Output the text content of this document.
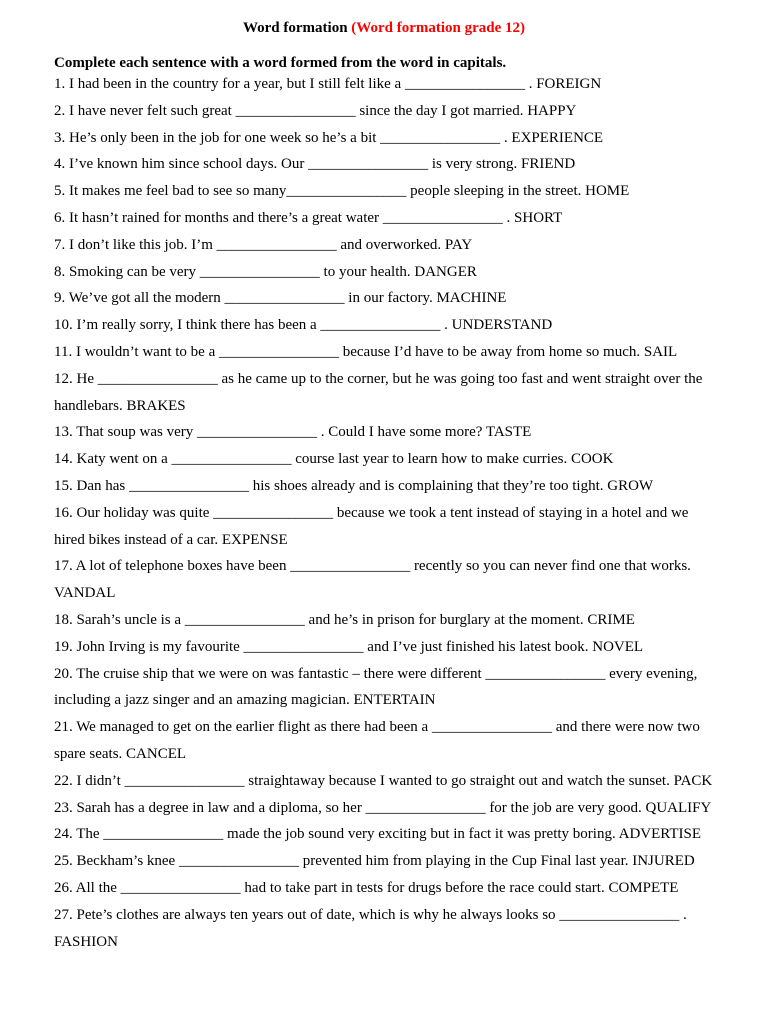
Word formation (Word formation grade 12)
Complete each sentence with a word formed from the word in capitals.

1. I had been in the country for a year, but I still felt like a ________________ . FOREIGN

2. I have never felt such great ________________ since the day I got married. HAPPY

3. He’s only been in the job for one week so he’s a bit ________________ . EXPERIENCE

4. I’ve known him since school days. Our ________________ is very strong. FRIEND

5. It makes me feel bad to see so many________________ people sleeping in the street. HOME

6. It hasn’t rained for months and there’s a great water ________________ . SHORT

7. I don’t like this job. I’m ________________ and overworked. PAY

8. Smoking can be very ________________ to your health. DANGER

9. We’ve got all the modern ________________ in our factory. MACHINE

10. I’m really sorry, I think there has been a ________________ . UNDERSTAND

11. I wouldn’t want to be a ________________ because I’d have to be away from home so much. SAIL

12. He ________________ as he came up to the corner, but he was going too fast and went straight over the handlebars. BRAKES

13. That soup was very ________________ . Could I have some more? TASTE

14. Katy went on a ________________ course last year to learn how to make curries. COOK

15. Dan has ________________ his shoes already and is complaining that they’re too tight. GROW

16. Our holiday was quite ________________ because we took a tent instead of staying in a hotel and we hired bikes instead of a car. EXPENSE

17. A lot of telephone boxes have been ________________ recently so you can never find one that works. VANDAL

18. Sarah’s uncle is a ________________ and he’s in prison for burglary at the moment. CRIME

19. John Irving is my favourite ________________ and I’ve just finished his latest book. NOVEL

20. The cruise ship that we were on was fantastic – there were different ________________ every evening, including a jazz singer and an amazing magician. ENTERTAIN

21. We managed to get on the earlier flight as there had been a ________________ and there were now two spare seats. CANCEL

22. I didn’t ________________ straightaway because I wanted to go straight out and watch the sunset. PACK

23. Sarah has a degree in law and a diploma, so her ________________ for the job are very good. QUALIFY

24. The ________________ made the job sound very exciting but in fact it was pretty boring. ADVERTISE

25. Beckham’s knee ________________ prevented him from playing in the Cup Final last year. INJURED

26. All the ________________ had to take part in tests for drugs before the race could start. COMPETE

27. Pete’s clothes are always ten years out of date, which is why he always looks so ________________ . FASHION
